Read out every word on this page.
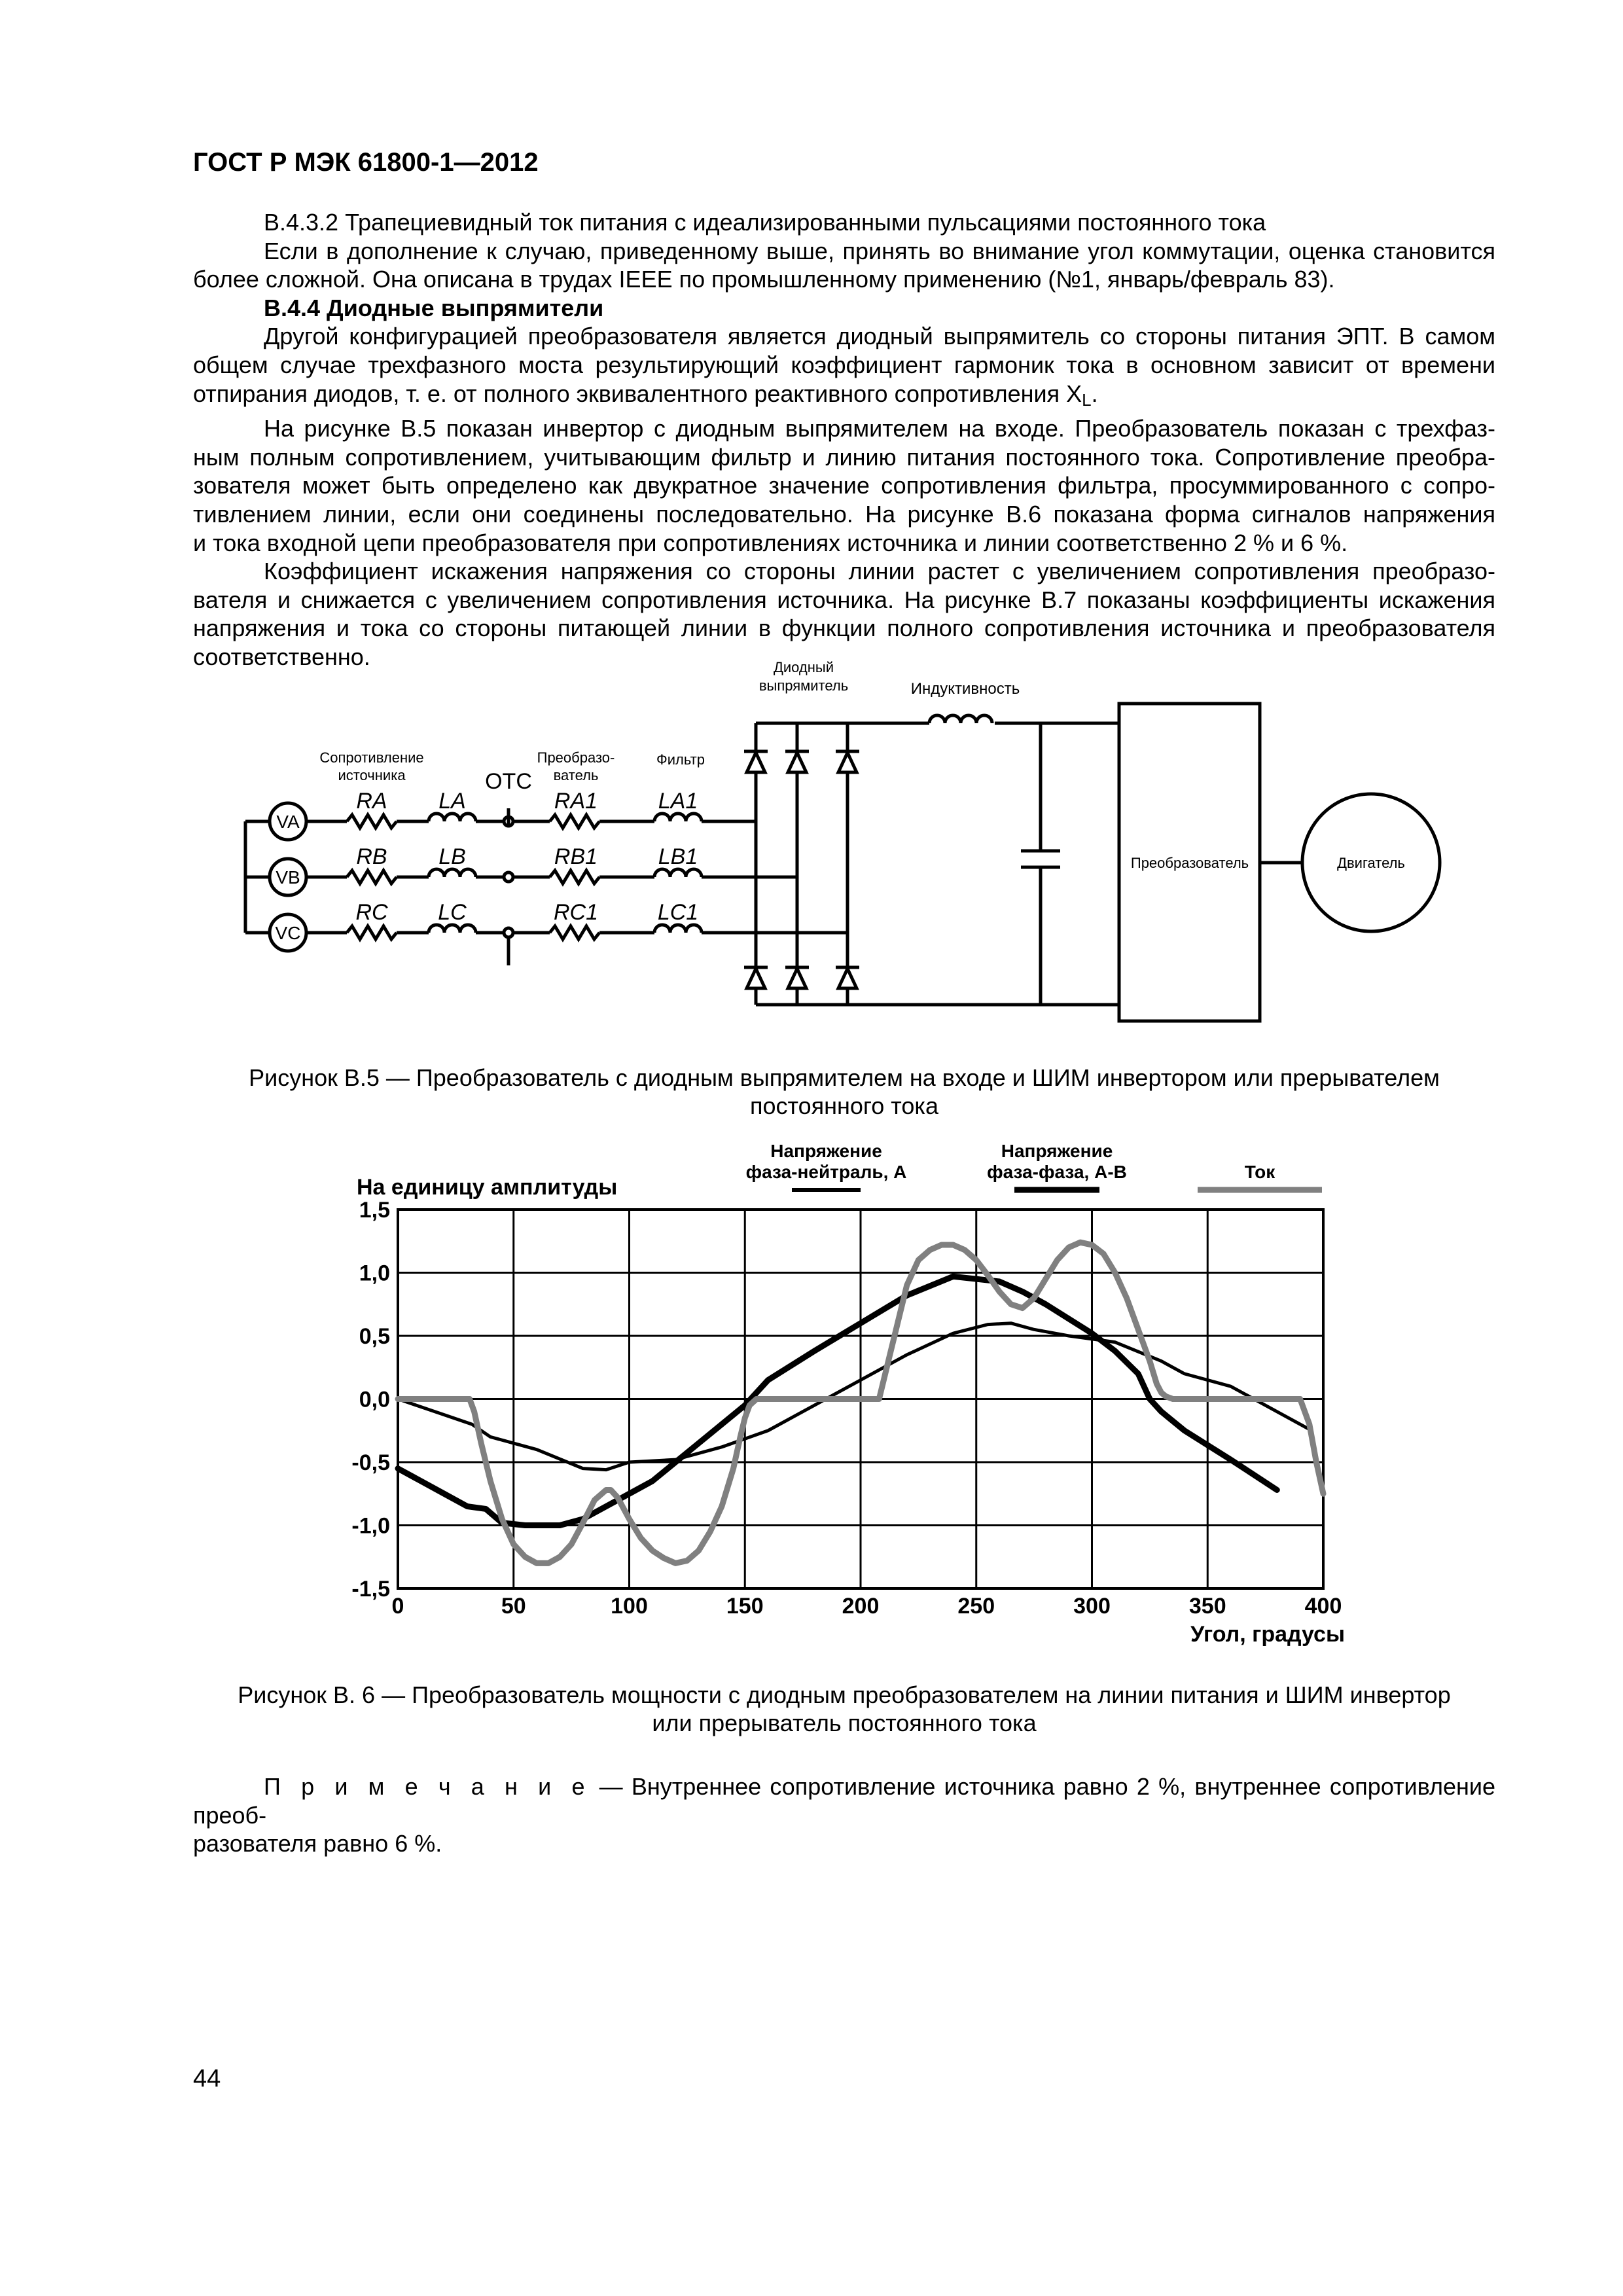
ГОСТ Р МЭК 61800-1—2012

В.4.3.2 Трапециевидный ток питания с идеализированными пульсациями постоянного тока

Если в дополнение к случаю, приведенному выше, принять во внимание угол коммутации, оценка становится
более сложной. Она описана в трудах IEEE по промышленному применению (№1, январь/февраль 83).

В.4.4 Диодные выпрямители

Другой конфигурацией преобразователя является диодный выпрямитель со стороны питания ЭПТ. В самом
общем случае трехфазного моста результирующий коэффициент гармоник тока в основном зависит от времени
отпирания диодов, т. е. от полного эквивалентного реактивного сопротивления $X_L$.

На рисунке В.5 показан инвертор с диодным выпрямителем на входе. Преобразователь показан с трехфаз-
ным полным сопротивлением, учитывающим фильтр и линию питания постоянного тока. Сопротивление преобра-
зователя может быть определено как двукратное значение сопротивления фильтра, просуммированного с сопро-
тивлением линии, если они соединены последовательно. На рисунке В.6 показана форма сигналов напряжения
и тока входной цепи преобразователя при сопротивлениях источника и линии соответственно 2 % и 6 %.

Коэффициент искажения напряжения со стороны линии растет с увеличением сопротивления преобразо-
вателя и снижается с увеличением сопротивления источника. На рисунке В.7 показаны коэффициенты искажения
напряжения и тока со стороны питающей линии в функции полного сопротивления источника и преобразователя
соответственно.	Диодный
выпрямитель	Индуктивность
Сопротивление
источника	ОТС
Преобразо-
ватель
Фильтр
RA
RB
RC
LA
LB
LC
RA1
RB1
RC1
LA1
LB1
LC1
VA
VB
VC
Преобразователь	Двигатель
Рисунок В.5 — Преобразователь с диодным выпрямителем на входе и ШИМ инвертором или прерывателем
постоянного тока
0	50	100	150	200	250	300	350	400
1,5
1,0
0,5
0,0
-0,5
-1,0
-1,5
На единицу амплитуды
Угол, градусы
Напряжение
фаза-нейтраль, А
Напряжение
фаза-фаза, А-В	Ток
Рисунок В. 6 — Преобразователь мощности с диодным преобразователем на линии питания и ШИМ инвертор
или прерыватель постоянного тока
П р и м е ч а н и е — Внутреннее сопротивление источника равно 2 %, внутреннее сопротивление преоб-
разователя равно 6 %.
44
